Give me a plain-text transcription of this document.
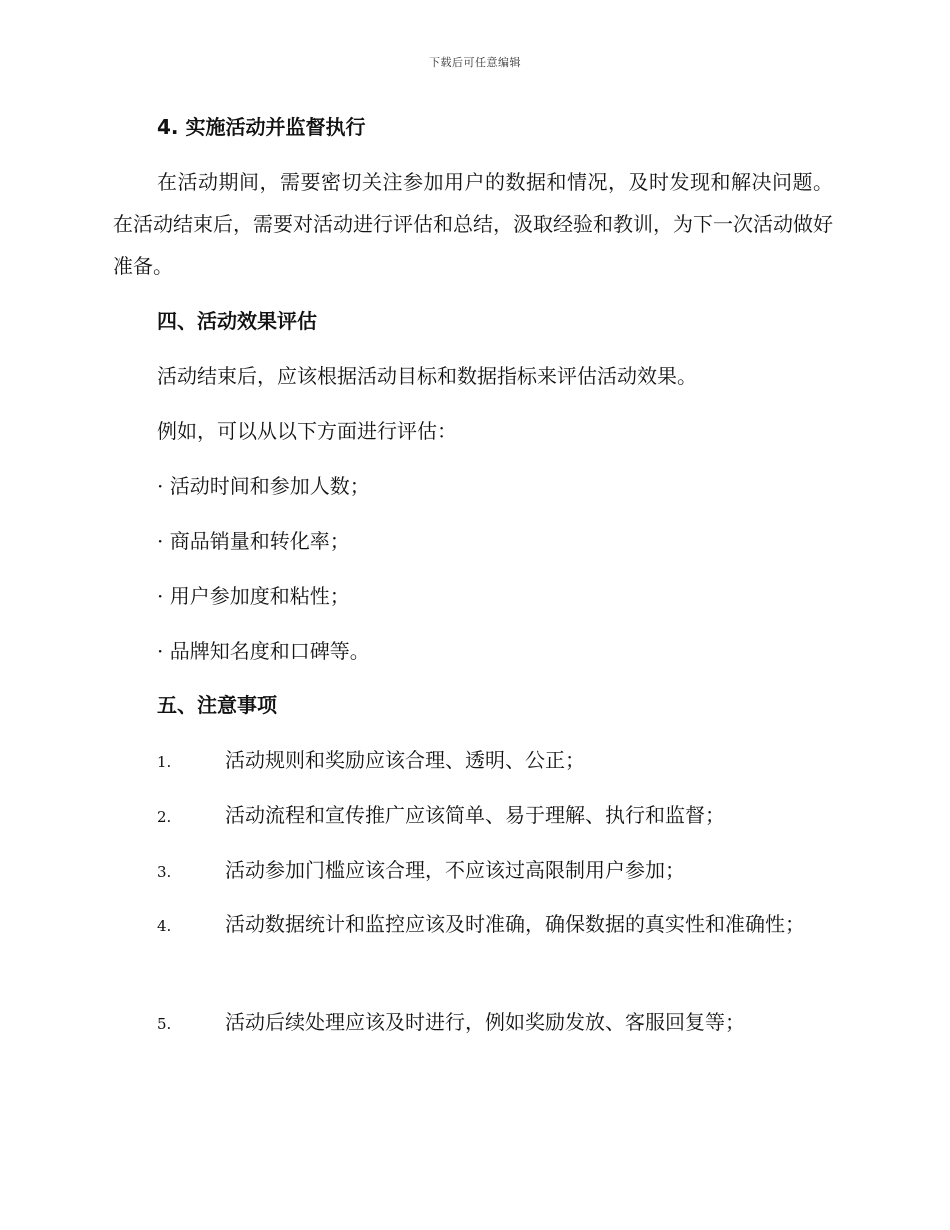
下载后可任意编辑
4. 实施活动并监督执行
在活动期间，需要密切关注参加用户的数据和情况，及时发现和解决问题。在活动结束后，需要对活动进行评估和总结，汲取经验和教训，为下一次活动做好准备。
四、活动效果评估
活动结束后，应该根据活动目标和数据指标来评估活动效果。
例如，可以从以下方面进行评估：
· 活动时间和参加人数；
· 商品销量和转化率；
· 用户参加度和粘性；
· 品牌知名度和口碑等。
五、注意事项
1.	活动规则和奖励应该合理、透明、公正；
2.	活动流程和宣传推广应该简单、易于理解、执行和监督；
3.	活动参加门槛应该合理，不应该过高限制用户参加；
4.	活动数据统计和监控应该及时准确，确保数据的真实性和准确性；
5.	活动后续处理应该及时进行，例如奖励发放、客服回复等；
